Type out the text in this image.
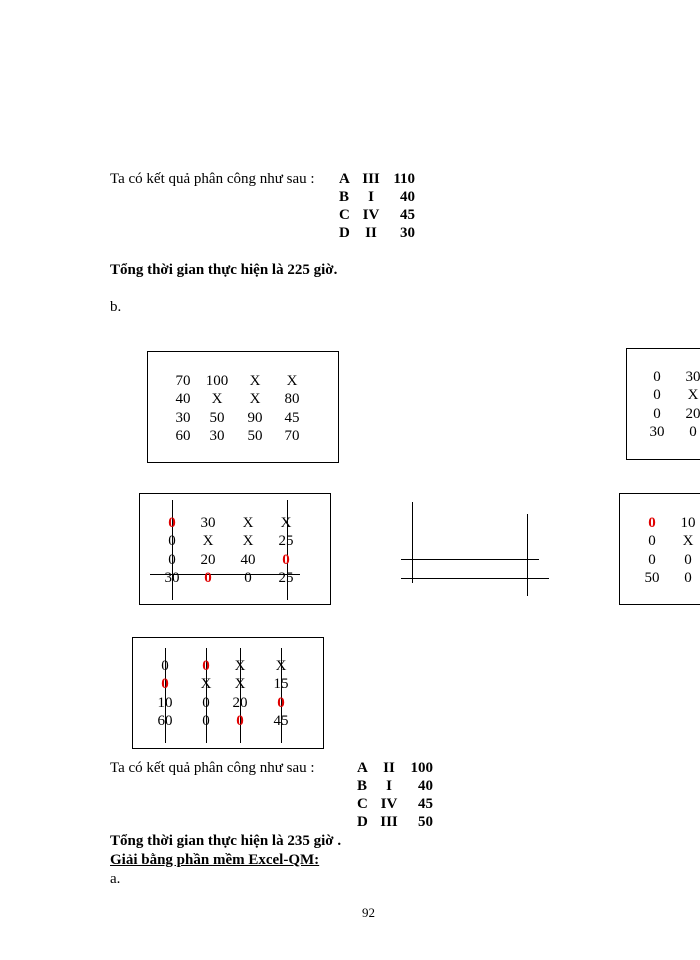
Ta có kết quả phân công như sau : A III 110
B	I	40
C IV	45
D	II	30
Tổng thời gian thực hiện là 225 giờ.
b.
70	100	X	X
40	X	X	80
30	50	90	45
60	30	50	70
0	30
0	X
0	20
30	0
0	30	X	X
0	X	X	25
0	20	40	0
30	0	0	25
0	10
0	X
0	0
50	0
0	0	X	X
0	X	X	15
10	0	20	0
60	0	0	45
Ta có kết quả phân công như sau :	A	II	100
B	I	40
C IV	45
D III	50
Tổng thời gian thực hiện là 235 giờ .
Giải bằng phần mềm Excel-QM:
a.
92
